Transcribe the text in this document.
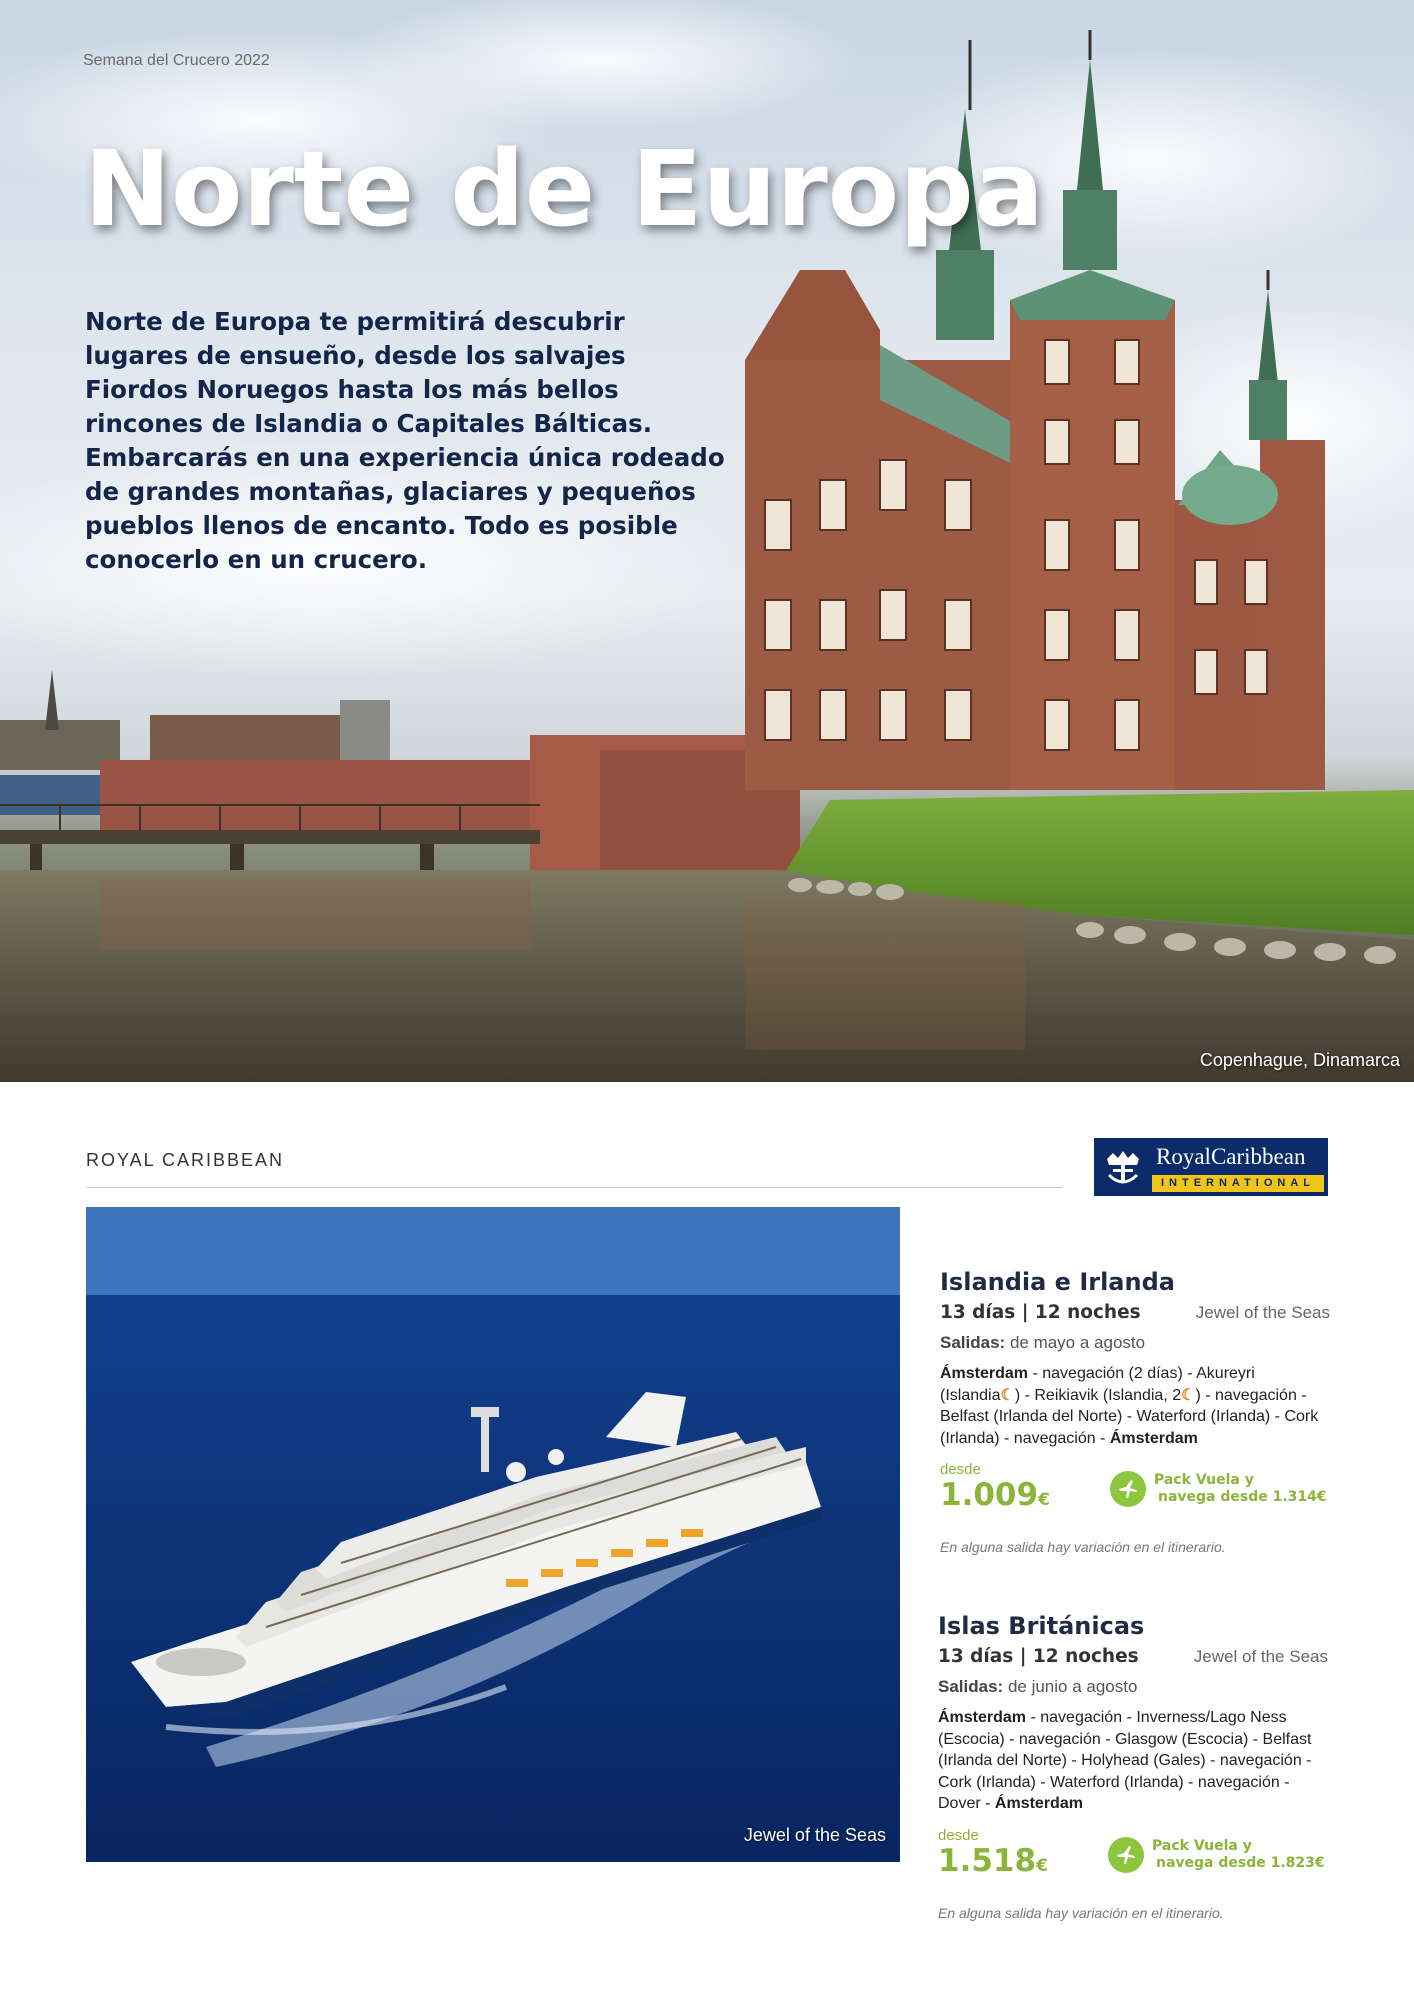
Semana del Crucero 2022
Norte de Europa

Norte de Europa te permitirá descubrir lugares de ensueño, desde los salvajes Fiordos Noruegos hasta los más bellos rincones de Islandia o Capitales Bálticas. Embarcarás en una experiencia única rodeado de grandes montañas, glaciares y pequeños pueblos llenos de encanto. Todo es posible conocerlo en un crucero.

Copenhague, Dinamarca
ROYAL CARIBBEAN	RoyalCaribbean
INTERNATIONAL
Jewel of the Seas
Islandia e Irlanda
13 días | 12 noches	Jewel of the Seas
Salidas: de mayo a agosto
Ámsterdam - navegación (2 días) - Akureyri (Islandia☾) - Reikiavik (Islandia, 2☾) - navegación - Belfast (Irlanda del Norte) - Waterford (Irlanda) - Cork (Irlanda) - navegación - Ámsterdam
desde
1.009€
Pack Vuela y
navega desde 1.314€
En alguna salida hay variación en el itinerario.
Islas Británicas
13 días | 12 noches	Jewel of the Seas
Salidas: de junio a agosto
Ámsterdam - navegación - Inverness/Lago Ness (Escocia) - navegación - Glasgow (Escocia) - Belfast (Irlanda del Norte) - Holyhead (Gales) - navegación - Cork (Irlanda) - Waterford (Irlanda) - navegación - Dover - Ámsterdam
desde
1.518€
Pack Vuela y
navega desde 1.823€
En alguna salida hay variación en el itinerario.
